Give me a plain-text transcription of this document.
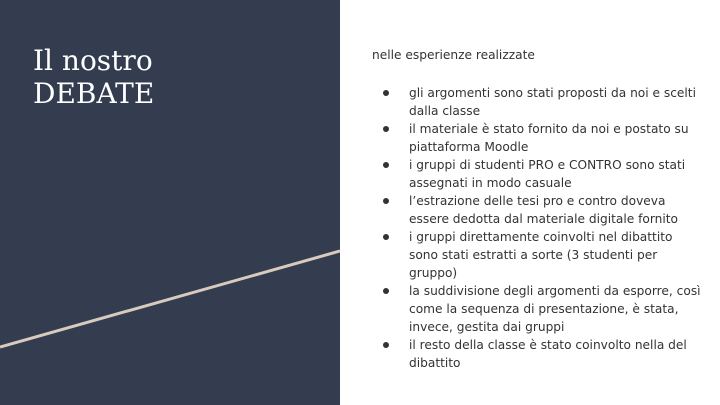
Il nostro
DEBATE

nelle esperienze realizzate

gli argomenti sono stati proposti da noi e scelti dalla classe
il materiale è stato fornito da noi e postato su piattaforma Moodle
i gruppi di studenti PRO e CONTRO sono stati assegnati in modo casuale
l’estrazione delle tesi pro e contro doveva essere dedotta dal materiale digitale fornito
i gruppi direttamente coinvolti nel dibattito sono stati estratti a sorte (3 studenti per gruppo)
la suddivisione degli argomenti da esporre, così come la sequenza di presentazione, è stata, invece, gestita dai gruppi
il resto della classe è stato coinvolto nella del dibattito
